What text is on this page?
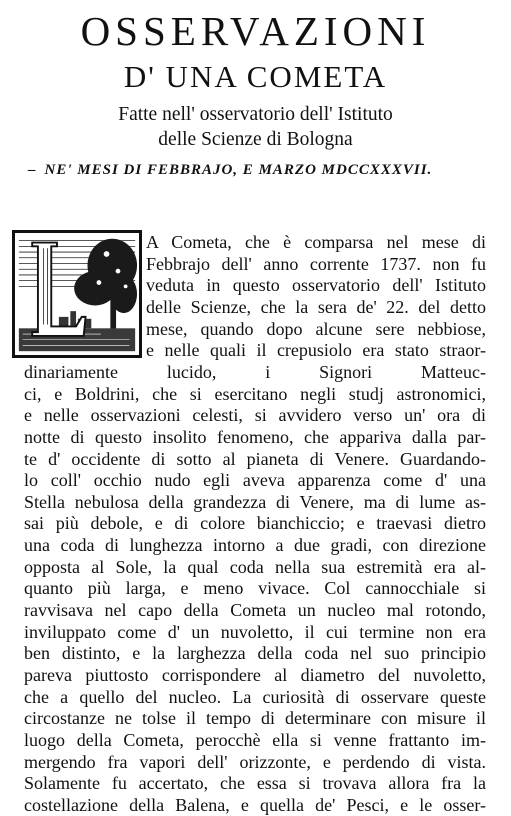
OSSERVAZIONI
D' UNA COMETA
Fatte nell' osservatorio dell' Istituto
delle Scienze di Bologna
– NE' MESI DI FEBBRAJO, E MARZO MDCCXXXVII.
A Cometa, che è comparsa nel mese di
Febbrajo dell' anno corrente 1737. non fu
veduta in questo osservatorio dell' Istituto
delle Scienze, che la sera de' 22. del detto
mese, quando dopo alcune sere nebbiose,
e nelle quali il crepusiolo era stato straor-
dinariamente lucido, i Signori Matteuc-
ci, e Boldrini, che si esercitano negli studj astronomici,
e nelle osservazioni celesti, si avvidero verso un' ora di
notte di questo insolito fenomeno, che appariva dalla par-
te d' occidente di sotto al pianeta di Venere. Guardando-
lo coll' occhio nudo egli aveva apparenza come d' una
Stella nebulosa della grandezza di Venere, ma di lume as-
sai più debole, e di colore bianchiccio; e traevasi dietro
una coda di lunghezza intorno a due gradi, con direzione
opposta al Sole, la qual coda nella sua estremità era al-
quanto più larga, e meno vivace. Col cannocchiale si
ravvisava nel capo della Cometa un nucleo mal rotondo,
inviluppato come d' un nuvoletto, il cui termine non era
ben distinto, e la larghezza della coda nel suo principio
pareva piuttosto corrispondere al diametro del nuvoletto,
che a quello del nucleo. La curiosità di osservare queste
circostanze ne tolse il tempo di determinare con misure il
luogo della Cometa, perocchè ella si venne frattanto im-
mergendo fra vapori dell' orizzonte, e perdendo di vista.
Solamente fu accertato, che essa si trovava allora fra la
costellazione della Balena, e quella de' Pesci, e le osser-
